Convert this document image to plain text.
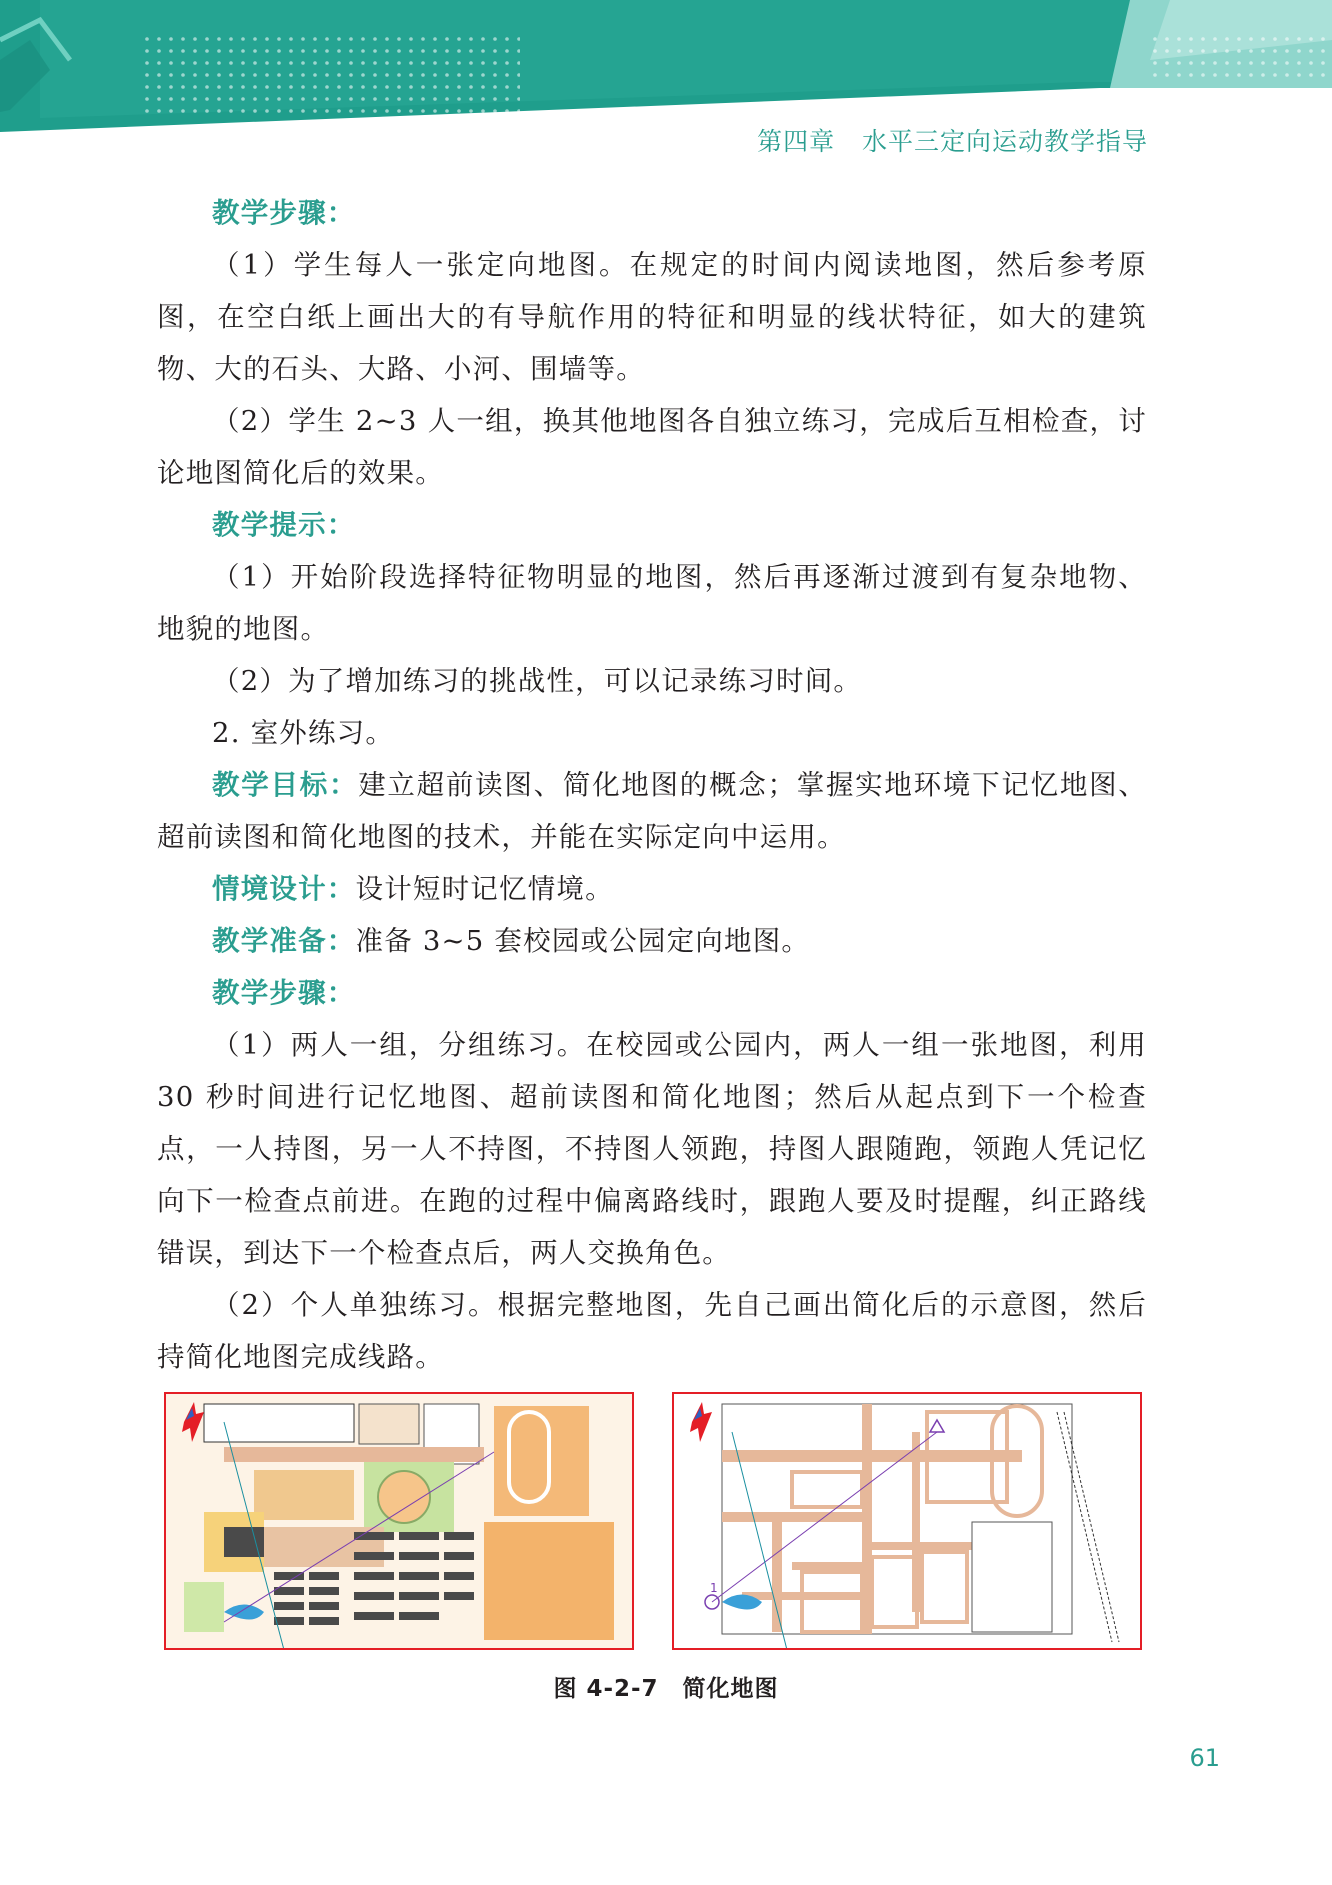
第四章 水平三定向运动教学指导

教学步骤：

（1）学生每人一张定向地图。在规定的时间内阅读地图，然后参考原图，在空白纸上画出大的有导航作用的特征和明显的线状特征，如大的建筑物、大的石头、大路、小河、围墙等。

（2）学生 2~3 人一组，换其他地图各自独立练习，完成后互相检查，讨论地图简化后的效果。

教学提示：

（1）开始阶段选择特征物明显的地图，然后再逐渐过渡到有复杂地物、地貌的地图。

（2）为了增加练习的挑战性，可以记录练习时间。

2. 室外练习。

教学目标：建立超前读图、简化地图的概念；掌握实地环境下记忆地图、超前读图和简化地图的技术，并能在实际定向中运用。

情境设计：设计短时记忆情境。

教学准备：准备 3~5 套校园或公园定向地图。

教学步骤：

（1）两人一组，分组练习。在校园或公园内，两人一组一张地图，利用 30 秒时间进行记忆地图、超前读图和简化地图；然后从起点到下一个检查点，一人持图，另一人不持图，不持图人领跑，持图人跟随跑，领跑人凭记忆向下一检查点前进。在跑的过程中偏离路线时，跟跑人要及时提醒，纠正路线错误，到达下一个检查点后，两人交换角色。

（2）个人单独练习。根据完整地图，先自己画出简化后的示意图，然后持简化地图完成线路。

1
图 4-2-7 简化地图
61
